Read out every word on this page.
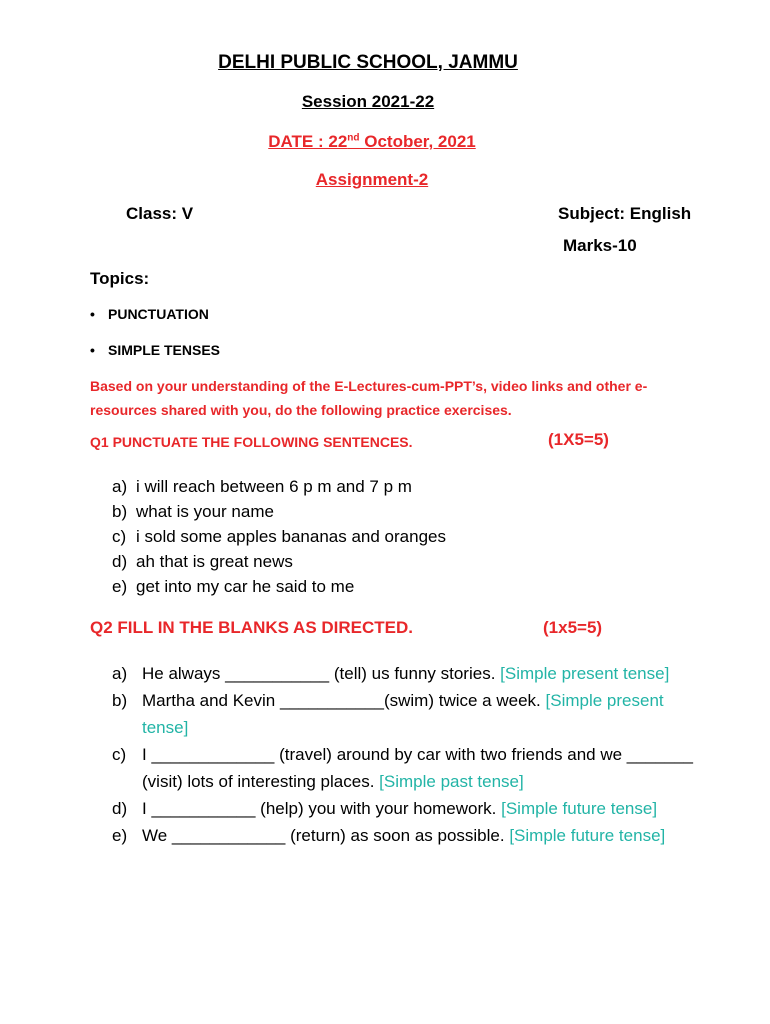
DELHI PUBLIC SCHOOL, JAMMU
Session 2021-22
DATE : 22nd October, 2021
Assignment-2
Class: V	Subject: English
Marks-10
Topics:
• PUNCTUATION
• SIMPLE TENSES
Based on your understanding of the E-Lectures-cum-PPT’s, video links and other e-resources shared with you, do the following practice exercises.
Q1 PUNCTUATE THE FOLLOWING SENTENCES.	(1X5=5)
a) i will reach between 6 p m and 7 p m
b) what is your name
c) i sold some apples bananas and oranges
d) ah that is great news
e) get into my car he said to me
Q2 FILL IN THE BLANKS AS DIRECTED.	(1x5=5)
a) He always ___________ (tell) us funny stories. [Simple present tense]
b) Martha and Kevin ___________(swim) twice a week. [Simple present tense]
c) I _____________ (travel) around by car with two friends and we _______ (visit) lots of interesting places. [Simple past tense]
d) I ___________ (help) you with your homework. [Simple future tense]
e) We ____________ (return) as soon as possible. [Simple future tense]
